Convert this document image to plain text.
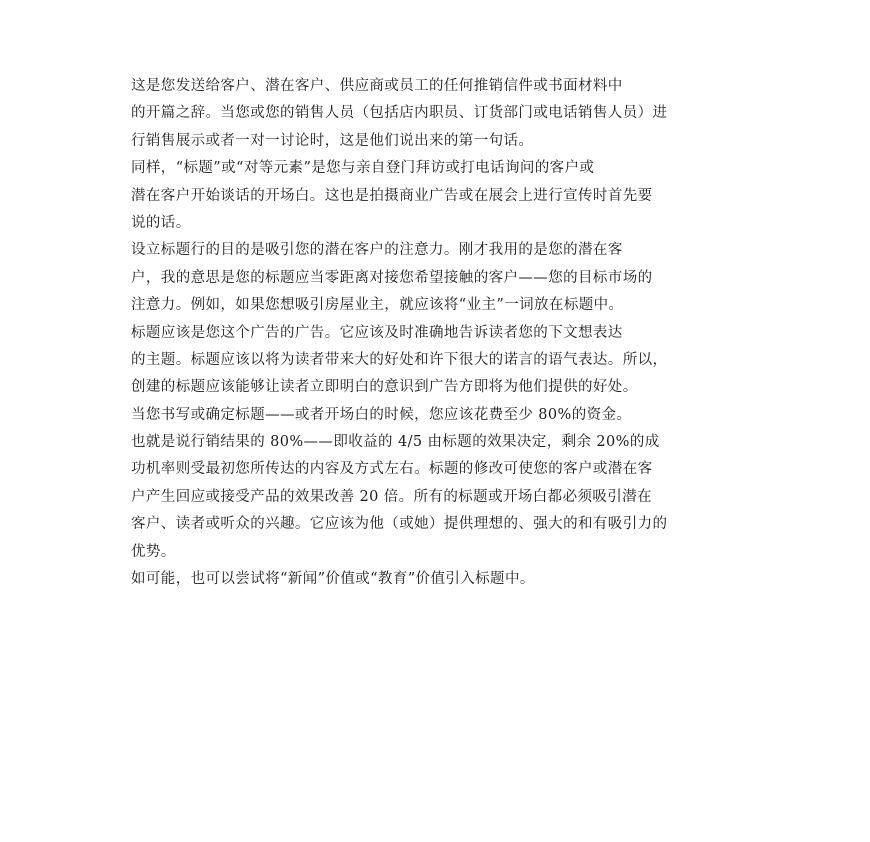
这是您发送给客户、潜在客户、供应商或员工的任何推销信件或书面材料中
的开篇之辞。当您或您的销售人员（包括店内职员、订货部门或电话销售人员）进
行销售展示或者一对一讨论时，这是他们说出来的第一句话。
同样，“标题”或“对等元素”是您与亲自登门拜访或打电话询问的客户或
潜在客户开始谈话的开场白。这也是拍摄商业广告或在展会上进行宣传时首先要
说的话。
设立标题行的目的是吸引您的潜在客户的注意力。刚才我用的是您的潜在客
户，我的意思是您的标题应当零距离对接您希望接触的客户——您的目标市场的
注意力。例如，如果您想吸引房屋业主，就应该将“业主”一词放在标题中。
标题应该是您这个广告的广告。它应该及时准确地告诉读者您的下文想表达
的主题。标题应该以将为读者带来大的好处和许下很大的诺言的语气表达。所以，
创建的标题应该能够让读者立即明白的意识到广告方即将为他们提供的好处。
当您书写或确定标题——或者开场白的时候，您应该花费至少 80%的资金。
也就是说行销结果的 80%——即收益的 4/5 由标题的效果决定，剩余 20%的成
功机率则受最初您所传达的内容及方式左右。标题的修改可使您的客户或潜在客
户产生回应或接受产品的效果改善 20 倍。所有的标题或开场白都必须吸引潜在
客户、读者或听众的兴趣。它应该为他（或她）提供理想的、强大的和有吸引力的
优势。
如可能，也可以尝试将“新闻”价值或“教育”价值引入标题中。
